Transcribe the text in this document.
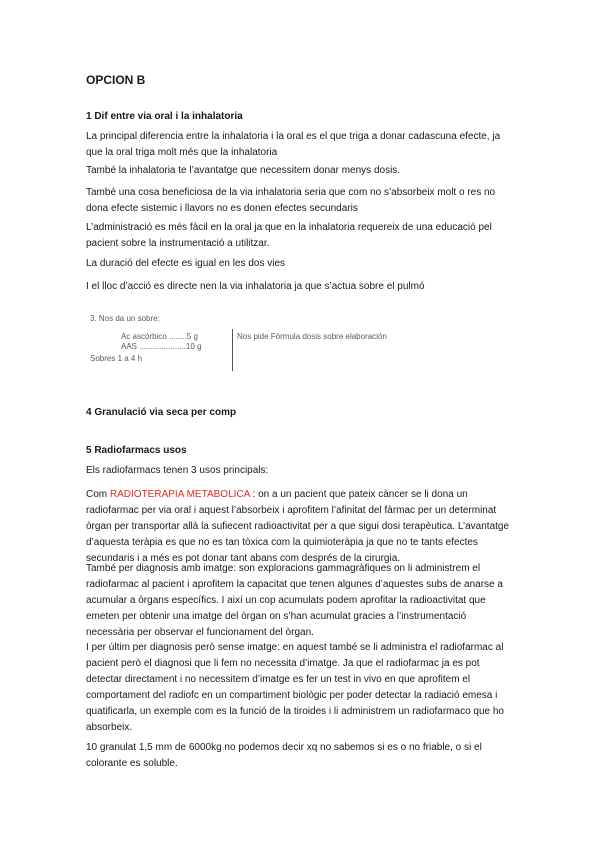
OPCION B
1 Dif entre via oral i la inhalatoria

La principal diferencia entre la inhalatoria i la oral es el que triga a donar cadascuna efecte, ja que la oral triga molt més que la inhalatoria

També la inhalatoria te l’avantatge que necessitem donar menys dosis.

També una cosa beneficiosa de la via inhalatoria seria que com no s’absorbeix molt o res no dona efecte sistemic i llavors no es donen efectes secundaris

L’administració es més fàcil en la oral ja que en la inhalatoria requereix de una educació pel pacient sobre la instrumentació a utilitzar.

La duració del efecte es igual en les dos vies

I el lloc d’acció es directe nen la via inhalatoria ja que s’actua sobre el pulmó

3. Nos da un sobre:
Ac ascórbico ........5 g
AAS .....................10 g
Sobres 1 a 4 h
Nos pide Fórmula dosis sobre elaboración
4 Granulació via seca per comp
5 Radiofarmacs usos

Els radiofarmacs tenen 3 usos principals:

Com RADIOTERAPIA METABOLICA : on a un pacient que pateix càncer se li dona un radiofarmac per via oral i aquest l’absorbeix i aprofitem l’afinitat del fàrmac per un determinat òrgan per transportar allà la sufiecent radioactivitat per a que sigui dosi terapèutica. L’avantatge d’aquesta teràpia es que no es tan tòxica com la quimioteràpia ja que no te tants efectes secundaris i a més es pot donar tant abans com després de la cirurgia.

També per diagnosis amb imatge: son exploracions gammagràfiques on li administrem el radiofarmac al pacient i aprofitem la capacitat que tenen algunes d’aquestes subs de anarse a acumular a òrgans específics. I així un cop acumulats podem aprofitar la radioactivitat que emeten per obtenir una imatge del òrgan on s’han acumulat gracies a l’instrumentació necessària per observar el funcionament del òrgan.

I per últim per diagnosis però sense imatge: en aquest també se li administra el radiofarmac al pacient però el diagnosi que li fem no necessita d’imatge. Ja que el radiofarmac ja es pot detectar directament i no necessitem d’imatge es fer un test in vivo en que aprofitem el comportament del radiofc en un compartiment biològic per poder detectar la radiació emesa i quatificarla, un exemple com es la funció de la tiroides i li administrem un radiofarmaco que ho absorbeix.

10 granulat 1,5 mm de 6000kg no podemos decir xq no sabemos si es o no friable, o si el colorante es soluble.
